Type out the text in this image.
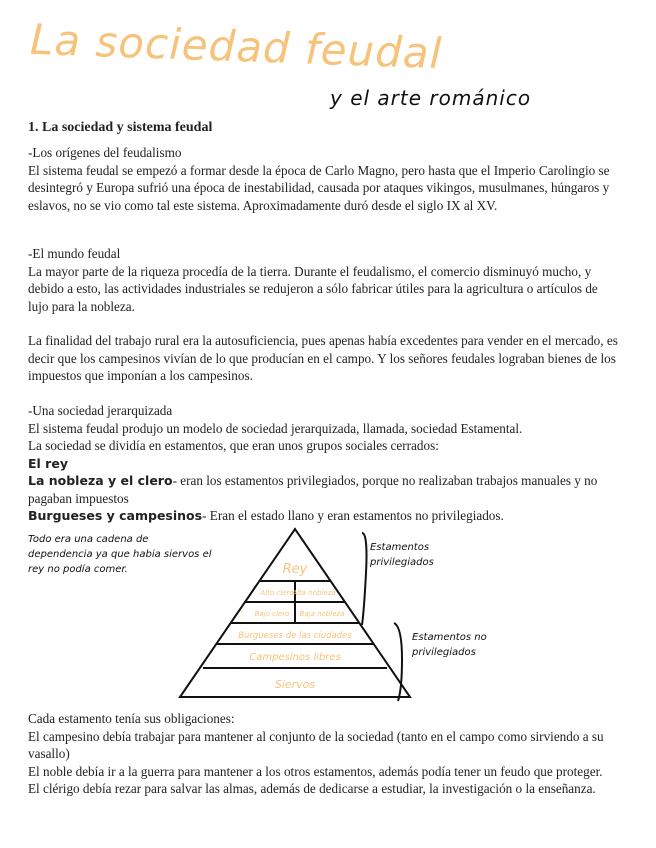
La sociedad feudal
y el arte románico
1. La sociedad y sistema feudal

-Los orígenes del feudalismo

El sistema feudal se empezó a formar desde la época de Carlo Magno, pero hasta que el Imperio Carolingio se desintegró y Europa sufrió una época de inestabilidad, causada por ataques vikingos, musulmanes, húngaros y eslavos, no se vio como tal este sistema. Aproximadamente duró desde el siglo IX al XV.

-El mundo feudal

La mayor parte de la riqueza procedía de la tierra. Durante el feudalismo, el comercio disminuyó mucho, y debido a esto, las actividades industriales se redujeron a sólo fabricar útiles para la agricultura o artículos de lujo para la nobleza.

La finalidad del trabajo rural era la autosuficiencia, pues apenas había excedentes para vender en el mercado, es decir que los campesinos vivían de lo que producían en el campo. Y los señores feudales lograban bienes de los impuestos que imponían a los campesinos.

-Una sociedad jerarquizada

El sistema feudal produjo un modelo de sociedad jerarquizada, llamada, sociedad Estamental.

La sociedad se dividía en estamentos, que eran unos grupos sociales cerrados:

El rey

La nobleza y el clero- eran los estamentos privilegiados, porque no realizaban trabajos manuales y no pagaban impuestos

Burgueses y campesinos- Eran el estado llano y eran estamentos no privilegiados.

Todo era una cadena de dependencia ya que habia siervos el rey no podía comer.	Rey
Alto clero
Alta nobleza
Bajo clero Baja nobleza
Burgueses de las ciudades
Campesinos libres
Siervos
Estamentos privilegiados
Estamentos no privilegiados

Cada estamento tenía sus obligaciones:

El campesino debía trabajar para mantener al conjunto de la sociedad (tanto en el campo como sirviendo a su vasallo)

El noble debía ir a la guerra para mantener a los otros estamentos, además podía tener un feudo que proteger.

El clérigo debía rezar para salvar las almas, además de dedicarse a estudiar, la investigación o la enseñanza.
